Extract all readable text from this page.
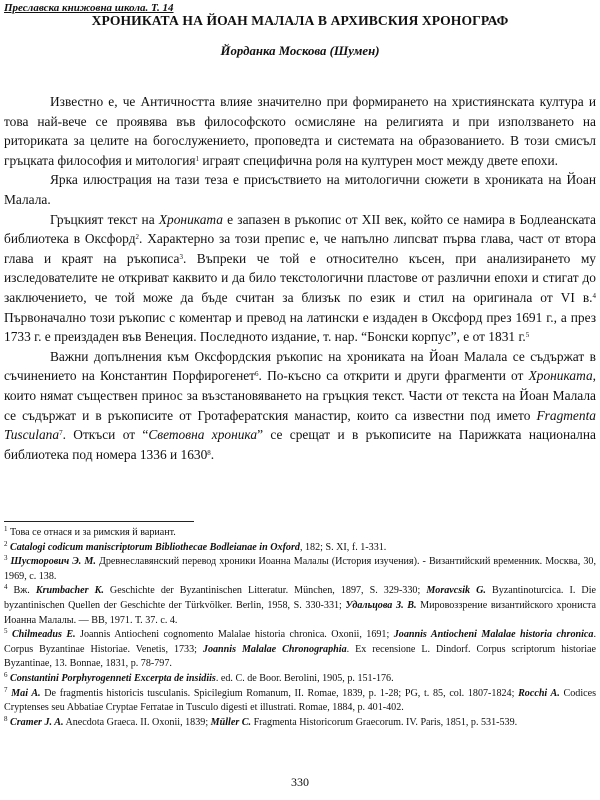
Преславска книжовна школа. Т. 14
ХРОНИКАТА НА ЙОАН МАЛАЛА В АРХИВСКИЯ ХРОНОГРАФ
Йорданка Москова (Шумен)

Известно е, че Античността влияе значително при формирането на християнската култура и това най-вече се проявява във философското осмисляне на религията и при използването на риториката за целите на богослужението, проповедта и системата на образованието. В този смисъл гръцката философия и митология$^1$ играят специфична роля на културен мост между двете епохи.

Ярка илюстрация на тази теза е присъствието на митологични сюжети в хрониката на Йоан Малала.

Гръцкият текст на Хрониката е запазен в ръкопис от XII век, който се намира в Бодлеанската библиотека в Оксфорд$^2$. Характерно за този препис е, че напълно липсват първа глава, част от втора глава и краят на ръкописа$^3$. Въпреки че той е относително късен, при анализирането му изследователите не откриват каквито и да било текстологични пластове от различни епохи и стигат до заключението, че той може да бъде считан за близък по език и стил на оригинала от VI в.$^4$ Първоначално този ръкопис с коментар и превод на латински е издаден в Оксфорд през 1691 г., а през 1733 г. е преиздаден във Венеция. Последното издание, т. нар. “Бонски корпус”, е от 1831 г.$^5$

Важни допълнения към Оксфордския ръкопис на хрониката на Йоан Малала се съдържат в съчинението на Константин Порфирогенет$^6$. По-късно са открити и други фрагменти от Хрониката, които нямат съществен принос за възстановяването на гръцкия текст. Части от текста на Йоан Малала се съдържат и в ръкописите от Гротафератския манастир, които са известни под името Fragmenta Tusculana$^7$. Откъси от “Световна хроника” се срещат и в ръкописите на Парижката национална библиотека под номера 1336 и 1630$^8$.

$^1$ Това се отнася и за римския й вариант.

$^2$ Catalogi codicum maniscriptorum Bibliothecae Bodleianae in Oxford, 182; S. XI, f. 1-331.

$^3$ Шусторович Э. М. Древнеславянский перевод хроники Иоанна Малалы (История изучения). - Византийский временник. Москва, 30, 1969, с. 138.

$^4$ Вж. Krumbacher K. Geschichte der Byzantinischen Litteratur. München, 1897, S. 329-330; Moravcsik G. Byzantinoturcica. I. Die byzantinischen Quellen der Geschichte der Türkvölker. Berlin, 1958, S. 330-331; Удальцова З. В. Мировоззрение византийского хрониста Иоанна Малалы. — ВВ, 1971. Т. 37. с. 4.

$^5$ Chilmeadus E. Joannis Antiocheni cognomento Malalae historia chronica. Oxonii, 1691; Joannis Antiocheni Malalae historia chronica. Corpus Byzantinae Historiae. Venetis, 1733; Joannis Malalae Chronographia. Ex recensione L. Dindorf. Corpus scriptorum historiae Byzantinae, 13. Bonnae, 1831, p. 78-797.

$^6$ Constantini Porphyrogenneti Excerpta de insidiis. ed. C. de Boor. Berolini, 1905, p. 151-176.

$^7$ Mai A. De fragmentis historicis tusculanis. Spicilegium Romanum, II. Romae, 1839, p. 1-28; PG, t. 85, col. 1807-1824; Rocchi A. Codices Cryptenses seu Abbatiae Cryptae Ferratae in Tusculo digesti et illustrati. Romae, 1884, p. 401-402.

$^8$ Cramer J. A. Anecdota Graeca. II. Oxonii, 1839; Müller C. Fragmenta Historicorum Graecorum. IV. Paris, 1851, p. 531-539.

330
